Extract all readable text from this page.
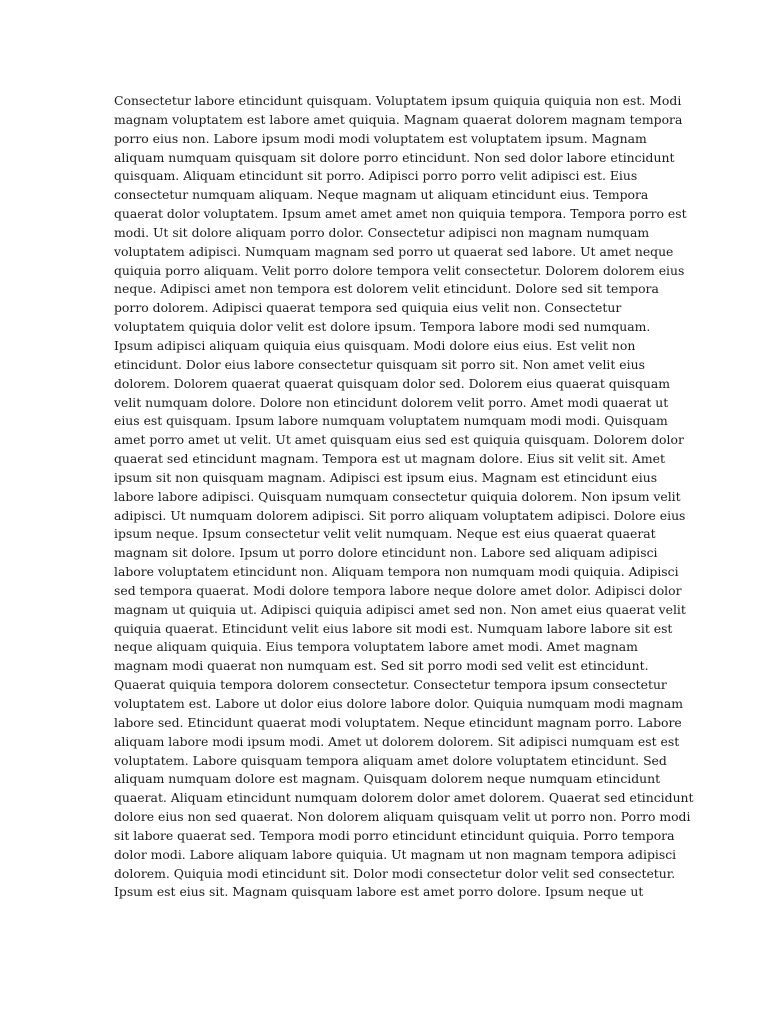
Consectetur labore etincidunt quisquam. Voluptatem ipsum quiquia quiquia non est. Modi
magnam voluptatem est labore amet quiquia. Magnam quaerat dolorem magnam tempora
porro eius non. Labore ipsum modi modi voluptatem est voluptatem ipsum. Magnam
aliquam numquam quisquam sit dolore porro etincidunt. Non sed dolor labore etincidunt
quisquam. Aliquam etincidunt sit porro. Adipisci porro porro velit adipisci est. Eius
consectetur numquam aliquam. Neque magnam ut aliquam etincidunt eius. Tempora
quaerat dolor voluptatem. Ipsum amet amet amet non quiquia tempora. Tempora porro est
modi. Ut sit dolore aliquam porro dolor. Consectetur adipisci non magnam numquam
voluptatem adipisci. Numquam magnam sed porro ut quaerat sed labore. Ut amet neque
quiquia porro aliquam. Velit porro dolore tempora velit consectetur. Dolorem dolorem eius
neque. Adipisci amet non tempora est dolorem velit etincidunt. Dolore sed sit tempora
porro dolorem. Adipisci quaerat tempora sed quiquia eius velit non. Consectetur
voluptatem quiquia dolor velit est dolore ipsum. Tempora labore modi sed numquam.
Ipsum adipisci aliquam quiquia eius quisquam. Modi dolore eius eius. Est velit non
etincidunt. Dolor eius labore consectetur quisquam sit porro sit. Non amet velit eius
dolorem. Dolorem quaerat quaerat quisquam dolor sed. Dolorem eius quaerat quisquam
velit numquam dolore. Dolore non etincidunt dolorem velit porro. Amet modi quaerat ut
eius est quisquam. Ipsum labore numquam voluptatem numquam modi modi. Quisquam
amet porro amet ut velit. Ut amet quisquam eius sed est quiquia quisquam. Dolorem dolor
quaerat sed etincidunt magnam. Tempora est ut magnam dolore. Eius sit velit sit. Amet
ipsum sit non quisquam magnam. Adipisci est ipsum eius. Magnam est etincidunt eius
labore labore adipisci. Quisquam numquam consectetur quiquia dolorem. Non ipsum velit
adipisci. Ut numquam dolorem adipisci. Sit porro aliquam voluptatem adipisci. Dolore eius
ipsum neque. Ipsum consectetur velit velit numquam. Neque est eius quaerat quaerat
magnam sit dolore. Ipsum ut porro dolore etincidunt non. Labore sed aliquam adipisci
labore voluptatem etincidunt non. Aliquam tempora non numquam modi quiquia. Adipisci
sed tempora quaerat. Modi dolore tempora labore neque dolore amet dolor. Adipisci dolor
magnam ut quiquia ut. Adipisci quiquia adipisci amet sed non. Non amet eius quaerat velit
quiquia quaerat. Etincidunt velit eius labore sit modi est. Numquam labore labore sit est
neque aliquam quiquia. Eius tempora voluptatem labore amet modi. Amet magnam
magnam modi quaerat non numquam est. Sed sit porro modi sed velit est etincidunt.
Quaerat quiquia tempora dolorem consectetur. Consectetur tempora ipsum consectetur
voluptatem est. Labore ut dolor eius dolore labore dolor. Quiquia numquam modi magnam
labore sed. Etincidunt quaerat modi voluptatem. Neque etincidunt magnam porro. Labore
aliquam labore modi ipsum modi. Amet ut dolorem dolorem. Sit adipisci numquam est est
voluptatem. Labore quisquam tempora aliquam amet dolore voluptatem etincidunt. Sed
aliquam numquam dolore est magnam. Quisquam dolorem neque numquam etincidunt
quaerat. Aliquam etincidunt numquam dolorem dolor amet dolorem. Quaerat sed etincidunt
dolore eius non sed quaerat. Non dolorem aliquam quisquam velit ut porro non. Porro modi
sit labore quaerat sed. Tempora modi porro etincidunt etincidunt quiquia. Porro tempora
dolor modi. Labore aliquam labore quiquia. Ut magnam ut non magnam tempora adipisci
dolorem. Quiquia modi etincidunt sit. Dolor modi consectetur dolor velit sed consectetur.
Ipsum est eius sit. Magnam quisquam labore est amet porro dolore. Ipsum neque ut
